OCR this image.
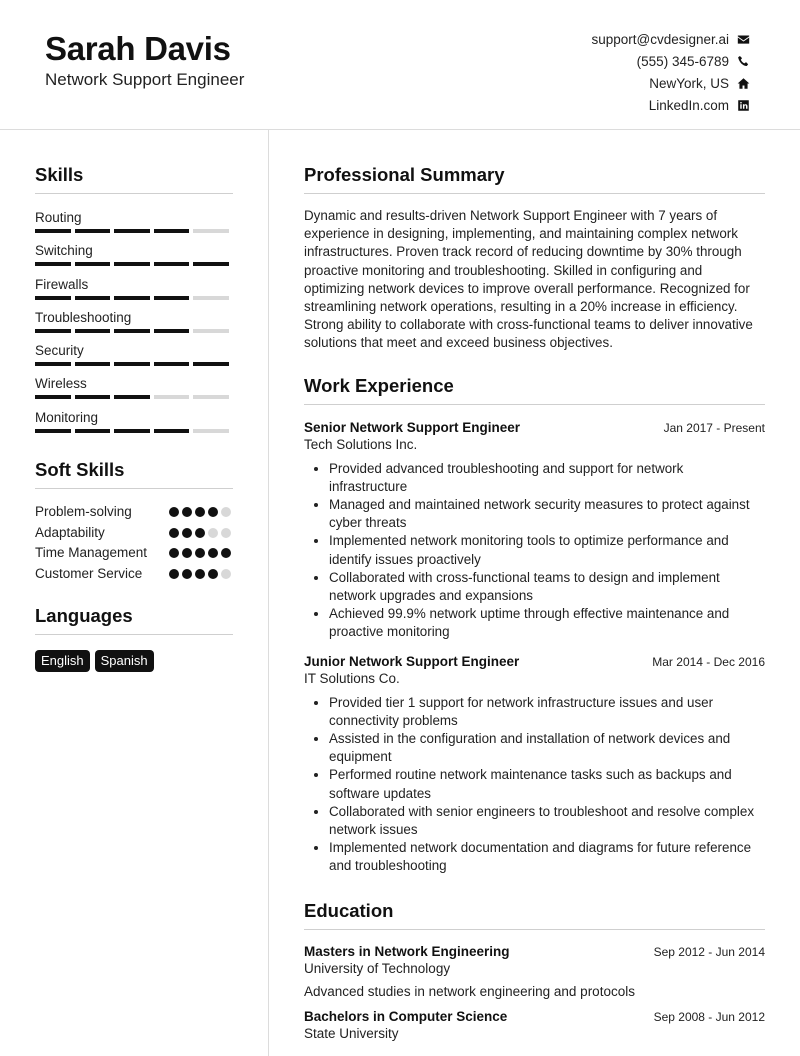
Sarah Davis
Network Support Engineer
support@cvdesigner.ai
(555) 345-6789
NewYork, US
LinkedIn.com
Skills
Routing
Switching
Firewalls
Troubleshooting
Security
Wireless
Monitoring
Soft Skills
Problem-solving
Adaptability
Time Management
Customer Service
Languages
English	Spanish
Professional Summary
Dynamic and results-driven Network Support Engineer with 7 years of experience in designing, implementing, and maintaining complex network infrastructures. Proven track record of reducing downtime by 30% through proactive monitoring and troubleshooting. Skilled in configuring and optimizing network devices to improve overall performance. Recognized for streamlining network operations, resulting in a 20% increase in efficiency. Strong ability to collaborate with cross-functional teams to deliver innovative solutions that meet and exceed business objectives.
Work Experience
Senior Network Support Engineer	Jan 2017 - Present
Tech Solutions Inc.
• Provided advanced troubleshooting and support for network infrastructure
• Managed and maintained network security measures to protect against cyber threats
• Implemented network monitoring tools to optimize performance and identify issues proactively
• Collaborated with cross-functional teams to design and implement network upgrades and expansions
• Achieved 99.9% network uptime through effective maintenance and proactive monitoring
Junior Network Support Engineer	Mar 2014 - Dec 2016
IT Solutions Co.
• Provided tier 1 support for network infrastructure issues and user connectivity problems
• Assisted in the configuration and installation of network devices and equipment
• Performed routine network maintenance tasks such as backups and software updates
• Collaborated with senior engineers to troubleshoot and resolve complex network issues
• Implemented network documentation and diagrams for future reference and troubleshooting
Education
Masters in Network Engineering	Sep 2012 - Jun 2014
University of Technology
Advanced studies in network engineering and protocols
Bachelors in Computer Science	Sep 2008 - Jun 2012
State University
